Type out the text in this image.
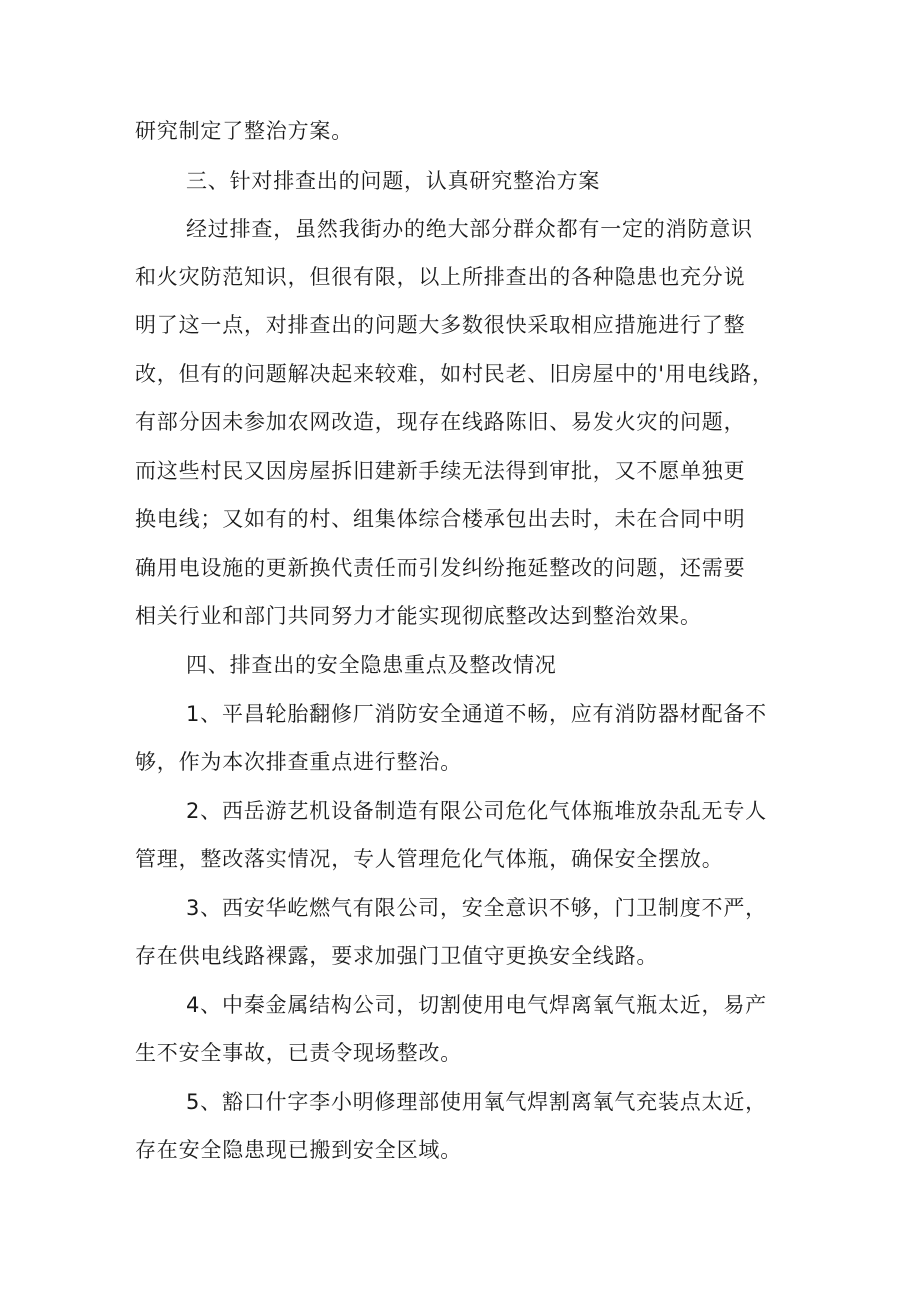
研究制定了整治方案。
三、针对排查出的问题，认真研究整治方案
经过排查，虽然我街办的绝大部分群众都有一定的消防意识
和火灾防范知识，但很有限，以上所排查出的各种隐患也充分说
明了这一点，对排查出的问题大多数很快采取相应措施进行了整
改，但有的问题解决起来较难，如村民老、旧房屋中的'用电线路，
有部分因未参加农网改造，现存在线路陈旧、易发火灾的问题，
而这些村民又因房屋拆旧建新手续无法得到审批，又不愿单独更
换电线；又如有的村、组集体综合楼承包出去时，未在合同中明
确用电设施的更新换代责任而引发纠纷拖延整改的问题，还需要
相关行业和部门共同努力才能实现彻底整改达到整治效果。
四、排查出的安全隐患重点及整改情况
1、平昌轮胎翻修厂消防安全通道不畅，应有消防器材配备不
够，作为本次排查重点进行整治。
2、西岳游艺机设备制造有限公司危化气体瓶堆放杂乱无专人
管理，整改落实情况，专人管理危化气体瓶，确保安全摆放。
3、西安华屹燃气有限公司，安全意识不够，门卫制度不严，
存在供电线路裸露，要求加强门卫值守更换安全线路。
4、中秦金属结构公司，切割使用电气焊离氧气瓶太近，易产
生不安全事故，已责令现场整改。
5、豁口什字李小明修理部使用氧气焊割离氧气充装点太近，
存在安全隐患现已搬到安全区域。
